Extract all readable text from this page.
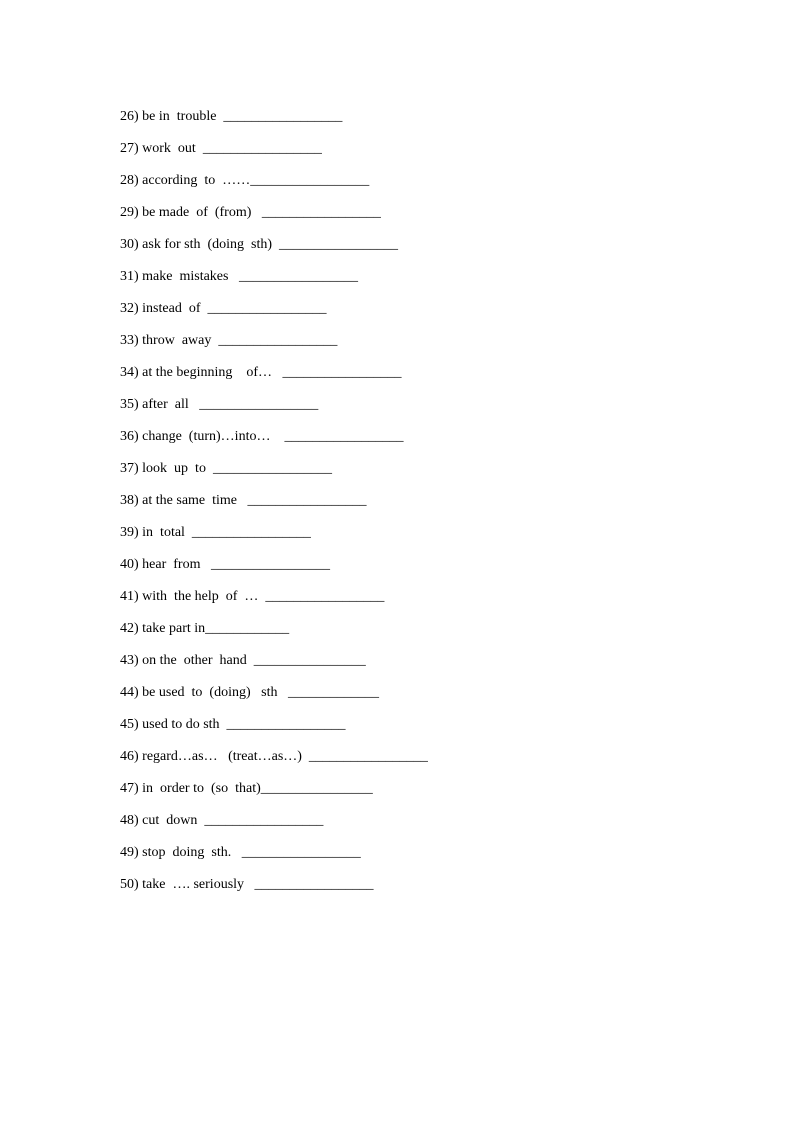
26) be in  trouble  _________________
27) work  out  _________________
28) according  to  ……_________________
29) be made  of  (from)   _________________
30) ask for sth  (doing  sth)  _________________
31) make  mistakes   _________________
32) instead  of  _________________
33) throw  away  _________________
34) at the beginning    of…   _________________
35) after  all   _________________
36) change  (turn)…into…    _________________
37) look  up  to  _________________
38) at the same  time   _________________
39) in  total  _________________
40) hear  from   _________________
41) with  the help  of  …  _________________
42) take part in____________
43) on the  other  hand  ________________
44) be used  to  (doing)   sth   _____________
45) used to do sth  _________________
46) regard…as…   (treat…as…)  _________________
47) in  order to  (so  that)________________
48) cut  down  _________________
49) stop  doing  sth.   _________________
50) take  …. seriously   _________________
